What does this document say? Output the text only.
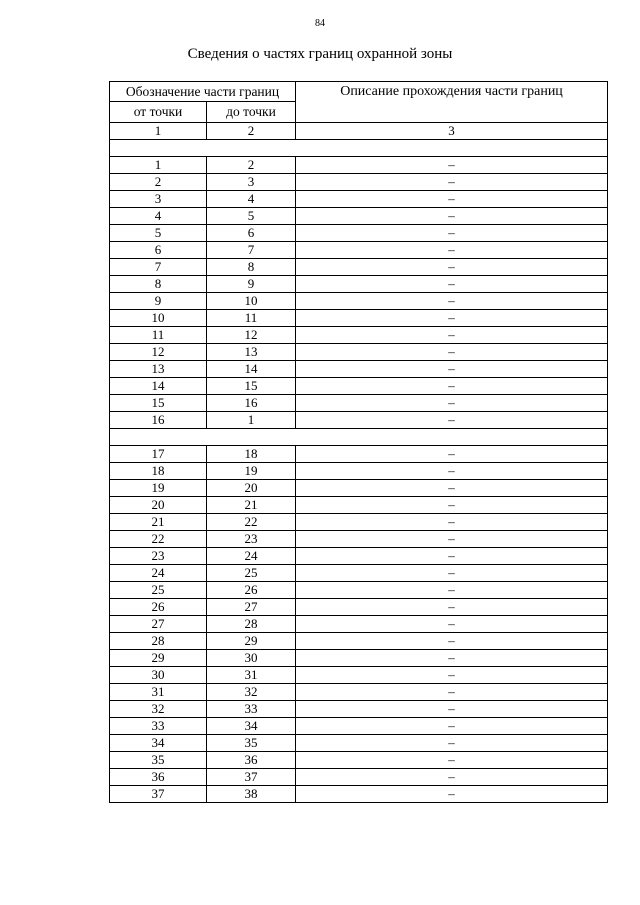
84
Сведения о частях границ охранной зоны
Обозначение части границ		Описание прохождения части границ
от точки	до точки	
1	2	3

1	2	–
2	3	–
3	4	–
4	5	–
5	6	–
6	7	–
7	8	–
8	9	–
9	10	–
10	11	–
11	12	–
12	13	–
13	14	–
14	15	–
15	16	–
16	1	–

17	18	–
18	19	–
19	20	–
20	21	–
21	22	–
22	23	–
23	24	–
24	25	–
25	26	–
26	27	–
27	28	–
28	29	–
29	30	–
30	31	–
31	32	–
32	33	–
33	34	–
34	35	–
35	36	–
36	37	–
37	38	–
